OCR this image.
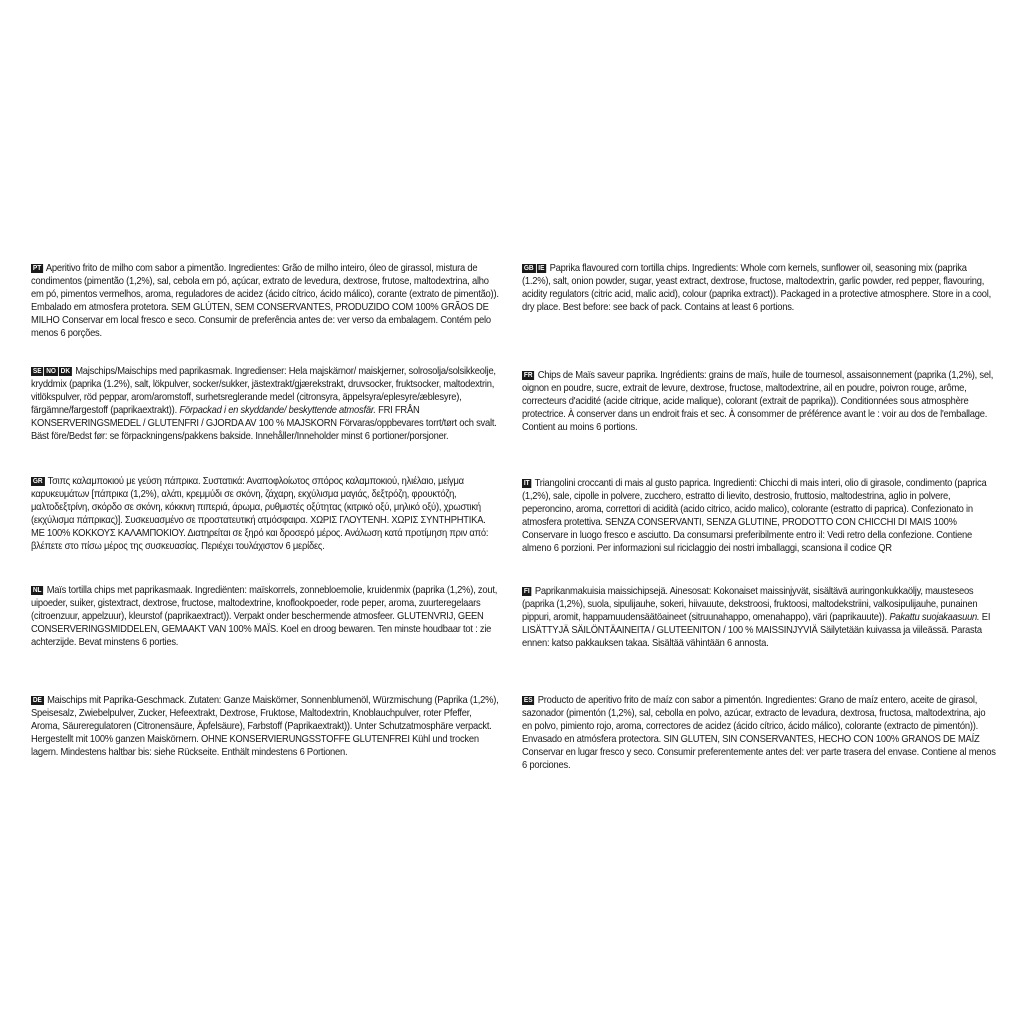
PT Aperitivo frito de milho com sabor a pimentão. Ingredientes: Grão de milho inteiro, óleo de girassol, mistura de condimentos (pimentão (1,2%), sal, cebola em pó, açúcar, extrato de levedura, dextrose, frutose, maltodextrina, alho em pó, pimentos vermelhos, aroma, reguladores de acidez (ácido cítrico, ácido málico), corante (extrato de pimentão)). Embalado em atmosfera protetora. SEM GLÚTEN, SEM CONSERVANTES, PRODUZIDO COM 100% GRÃOS DE MILHO Conservar em local fresco e seco. Consumir de preferência antes de: ver verso da embalagem. Contém pelo menos 6 porções.
SE NO DK Majschips/Maischips med paprikasmak. Ingredienser: Hela majskärnor/ maiskjerner, solrosolja/solsikkeolje, kryddmix (paprika (1.2%), salt, lökpulver, socker/sukker, jästextrakt/gjærekstrakt, druvsocker, fruktsocker, maltodextrin, vitlökspulver, röd peppar, arom/aromstoff, surhetsreglerande medel (citronsyra, äppelsyra/eplesyre/æblesyre), färgämne/fargestoff (paprikaextrakt)). Förpackad i en skyddande/ beskyttende atmosfär. FRI FRÅN KONSERVERINGSMEDEL / GLUTENFRI / GJORDA AV 100 % MAJSKORN Förvaras/oppbevares torrt/tørt och svalt. Bäst före/Bedst før: se förpackningens/pakkens bakside. Innehåller/Inneholder minst 6 portioner/porsjoner.
GR Τσιπς καλαμποκιού με γεύση πάπρικα. Συστατικά: Αναποφλοίωτος σπόρος καλαμποκιού, ηλιέλαιο, μείγμα καρυκευμάτων [πάπρικα (1,2%), αλάτι, κρεμμύδι σε σκόνη, ζάχαρη, εκχύλισμα μαγιάς, δεξτρόζη, φρουκτόζη, μαλτοδεξτρίνη, σκόρδο σε σκόνη, κόκκινη πιπεριά, άρωμα, ρυθμιστές οξύτητας (κιτρικό οξύ, μηλικό οξύ), χρωστική (εκχύλισμα πάπρικας)]. Συσκευασμένο σε προστατευτική ατμόσφαιρα. ΧΩΡΙΣ ΓΛΟΥΤΕΝΗ. ΧΩΡΙΣ ΣΥΝΤΗΡΗΤΙΚΑ. ΜΕ 100% ΚΟΚΚΟΥΣ ΚΑΛΑΜΠΟΚΙΟΥ. Διατηρείται σε ξηρό και δροσερό μέρος. Ανάλωση κατά προτίμηση πριν από: βλέπετε στο πίσω μέρος της συσκευασίας. Περιέχει τουλάχιστον 6 μερίδες.
NL Maïs tortilla chips met paprikasmaak. Ingrediënten: maïskorrels, zonnebloemolie, kruidenmix (paprika (1,2%), zout, uipoeder, suiker, gistextract, dextrose, fructose, maltodextrine, knoflookpoeder, rode peper, aroma, zuurteregelaars (citroenzuur, appelzuur), kleurstof (paprikaextract)). Verpakt onder beschermende atmosfeer. GLUTENVRIJ, GEEN CONSERVERINGSMIDDELEN, GEMAAKT VAN 100% MAÏS. Koel en droog bewaren. Ten minste houdbaar tot : zie achterzijde. Bevat minstens 6 porties.
DE Maischips mit Paprika-Geschmack. Zutaten: Ganze Maiskörner, Sonnenblumenöl, Würzmischung (Paprika (1,2%), Speisesalz, Zwiebelpulver, Zucker, Hefeextrakt, Dextrose, Fruktose, Maltodextrin, Knoblauchpulver, roter Pfeffer, Aroma, Säureregulatoren (Citronensäure, Äpfelsäure), Farbstoff (Paprikaextrakt)). Unter Schutzatmosphäre verpackt. Hergestellt mit 100% ganzen Maiskörnern. OHNE KONSERVIERUNGSSTOFFE GLUTENFREI Kühl und trocken lagern. Mindestens haltbar bis: siehe Rückseite. Enthält mindestens 6 Portionen.
GB IE Paprika flavoured corn tortilla chips. Ingredients: Whole corn kernels, sunflower oil, seasoning mix (paprika (1.2%), salt, onion powder, sugar, yeast extract, dextrose, fructose, maltodextrin, garlic powder, red pepper, flavouring, acidity regulators (citric acid, malic acid), colour (paprika extract)). Packaged in a protective atmosphere. Store in a cool, dry place. Best before: see back of pack. Contains at least 6 portions.
FR Chips de Maïs saveur paprika. Ingrédients: grains de maïs, huile de tournesol, assaisonnement (paprika (1,2%), sel, oignon en poudre, sucre, extrait de levure, dextrose, fructose, maltodextrine, ail en poudre, poivron rouge, arôme, correcteurs d'acidité (acide citrique, acide malique), colorant (extrait de paprika)). Conditionnées sous atmosphère protectrice. À conserver dans un endroit frais et sec. À consommer de préférence avant le : voir au dos de l'emballage. Contient au moins 6 portions.
IT Triangolini croccanti di mais al gusto paprica. Ingredienti: Chicchi di mais interi, olio di girasole, condimento (paprica (1,2%), sale, cipolle in polvere, zucchero, estratto di lievito, destrosio, fruttosio, maltodestrina, aglio in polvere, peperoncino, aroma, correttori di acidità (acido citrico, acido malico), colorante (estratto di paprica). Confezionato in atmosfera protettiva. SENZA CONSERVANTI, SENZA GLUTINE, PRODOTTO CON CHICCHI DI MAIS 100% Conservare in luogo fresco e asciutto. Da consumarsi preferibilmente entro il: Vedi retro della confezione. Contiene almeno 6 porzioni. Per informazioni sul riciclaggio dei nostri imballaggi, scansiona il codice QR
FI Paprikanmakuisia maissichipsejä. Ainesosat: Kokonaiset maissinjyvät, sisältävä auringonkukkaöljy, mausteseos (paprika (1,2%), suola, sipulijauhe, sokeri, hiivauute, dekstroosi, fruktoosi, maltodekstriini, valkosipulijauhe, punainen pippuri, aromit, happamuudensäätöaineet (sitruunahappo, omenahappo), väri (paprikauute)). Pakattu suojakaasuun. EI LISÄTTYJÄ SÄILÖNTÄAINEITA / GLUTEENITON / 100 % MAISSINJYVIÄ Säilytetään kuivassa ja viileässä. Parasta ennen: katso pakkauksen takaa. Sisältää vähintään 6 annosta.
ES Producto de aperitivo frito de maíz con sabor a pimentón. Ingredientes: Grano de maíz entero, aceite de girasol, sazonador (pimentón (1,2%), sal, cebolla en polvo, azúcar, extracto de levadura, dextrosa, fructosa, maltodextrina, ajo en polvo, pimiento rojo, aroma, correctores de acidez (ácido cítrico, ácido málico), colorante (extracto de pimentón)). Envasado en atmósfera protectora. SIN GLUTEN, SIN CONSERVANTES, HECHO CON 100% GRANOS DE MAÍZ Conservar en lugar fresco y seco. Consumir preferentemente antes del: ver parte trasera del envase. Contiene al menos 6 porciones.
